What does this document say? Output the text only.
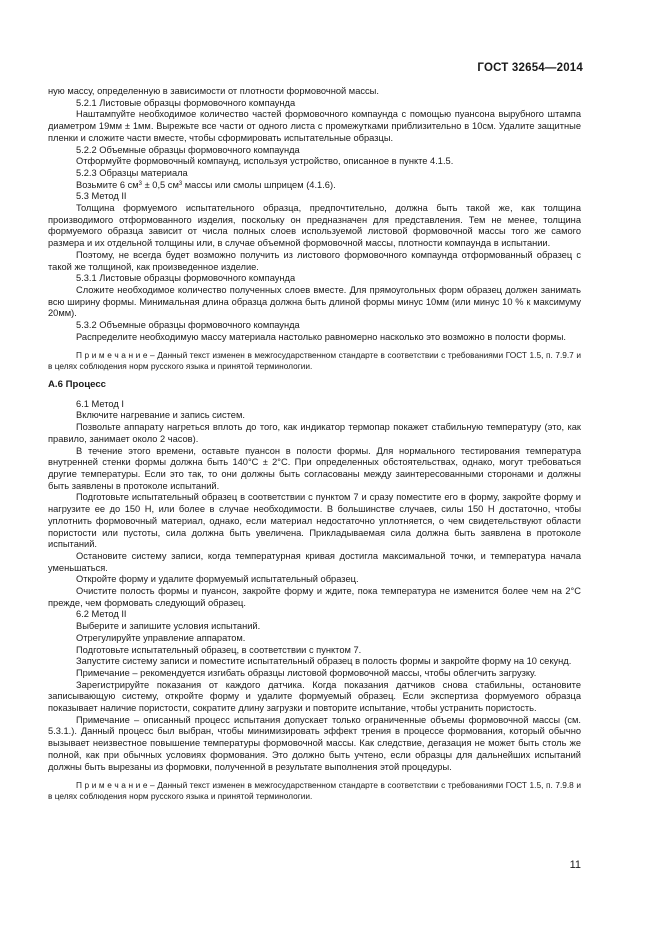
ГОСТ 32654—2014

ную массу, определенную в зависимости от плотности формовочной массы.

5.2.1 Листовые образцы формовочного компаунда

Наштампуйте необходимое количество частей формовочного компаунда с помощью пуансона вырубного штампа диаметром 19мм ± 1мм. Вырежьте все части от одного листа с промежутками приблизительно в 10см. Удалите защитные пленки и сложите части вместе, чтобы сформировать испытательные образцы.

5.2.2 Объемные образцы формовочного компаунда

Отформуйте формовочный компаунд, используя устройство, описанное в пункте 4.1.5.

5.2.3 Образцы материала

Возьмите 6 $см^3 \pm 0,5$ $см^3$ массы или смолы шприцем (4.1.6).

5.3 Метод II

Толщина формуемого испытательного образца, предпочтительно, должна быть такой же, как толщина производимого отформованного изделия, поскольку он предназначен для представления. Тем не менее, толщина формуемого образца зависит от числа полных слоев используемой листовой формовочной массы того же самого размера и их отдельной толщины или, в случае объемной формовочной массы, плотности компаунда в испытании.

Поэтому, не всегда будет возможно получить из листового формовочного компаунда отформованный образец с такой же толщиной, как произведенное изделие.

5.3.1 Листовые образцы формовочного компаунда

Сложите необходимое количество полученных слоев вместе. Для прямоугольных форм образец должен занимать всю ширину формы. Минимальная длина образца должна быть длиной формы минус 10мм (или минус 10 % к максимуму 20мм).

5.3.2 Объемные образцы формовочного компаунда

Распределите необходимую массу материала настолько равномерно насколько это возможно в полости формы.

П р и м е ч а н и е – Данный текст изменен в межгосударственном стандарте в соответствии с требованиями ГОСТ 1.5, п. 7.9.7 и в целях соблюдения норм русского языка и принятой терминологии.

А.6 Процесс

6.1 Метод I

Включите нагревание и запись систем.

Позвольте аппарату нагреться вплоть до того, как индикатор термопар покажет стабильную температуру (это, как правило, занимает около 2 часов).

В течение этого времени, оставьте пуансон в полости формы. Для нормального тестирования температура внутренней стенки формы должна быть 140°С ± 2°С. При определенных обстоятельствах, однако, могут требоваться другие температуры. Если это так, то они должны быть согласованы между заинтересованными сторонами и должны быть заявлены в протоколе испытаний.

Подготовьте испытательный образец в соответствии с пунктом 7 и сразу поместите его в форму, закройте форму и нагрузите ее до 150 Н, или более в случае необходимости. В большинстве случаев, силы 150 Н достаточно, чтобы уплотнить формовочный материал, однако, если материал недостаточно уплотняется, о чем свидетельствуют области пористости или пустоты, сила должна быть увеличена. Прикладываемая сила должна быть заявлена в протоколе испытаний.

Остановите систему записи, когда температурная кривая достигла максимальной точки, и температура начала уменьшаться.

Откройте форму и удалите формуемый испытательный образец.

Очистите полость формы и пуансон, закройте форму и ждите, пока температура не изменится более чем на 2°С прежде, чем формовать следующий образец.

6.2 Метод II

Выберите и запишите условия испытаний.

Отрегулируйте управление аппаратом.

Подготовьте испытательный образец, в соответствии с пунктом 7.

Запустите систему записи и поместите испытательный образец в полость формы и закройте форму на 10 секунд.

Примечание – рекомендуется изгибать образцы листовой формовочной массы, чтобы облегчить загрузку.

Зарегистрируйте показания от каждого датчика. Когда показания датчиков снова стабильны, остановите записывающую систему, откройте форму и удалите формуемый образец. Если экспертиза формуемого образца показывает наличие пористости, сократите длину загрузки и повторите испытание, чтобы устранить пористость.

Примечание – описанный процесс испытания допускает только ограниченные объемы формовочной массы (см. 5.3.1.). Данный процесс был выбран, чтобы минимизировать эффект трения в процессе формования, который обычно вызывает неизвестное повышение температуры формовочной массы. Как следствие, дегазация не может быть столь же полной, как при обычных условиях формования. Это должно быть учтено, если образцы для дальнейших испытаний должны быть вырезаны из формовки, полученной в результате выполнения этой процедуры.

П р и м е ч а н и е – Данный текст изменен в межгосударственном стандарте в соответствии с требованиями ГОСТ 1.5, п. 7.9.8 и в целях соблюдения норм русского языка и принятой терминологии.

11
